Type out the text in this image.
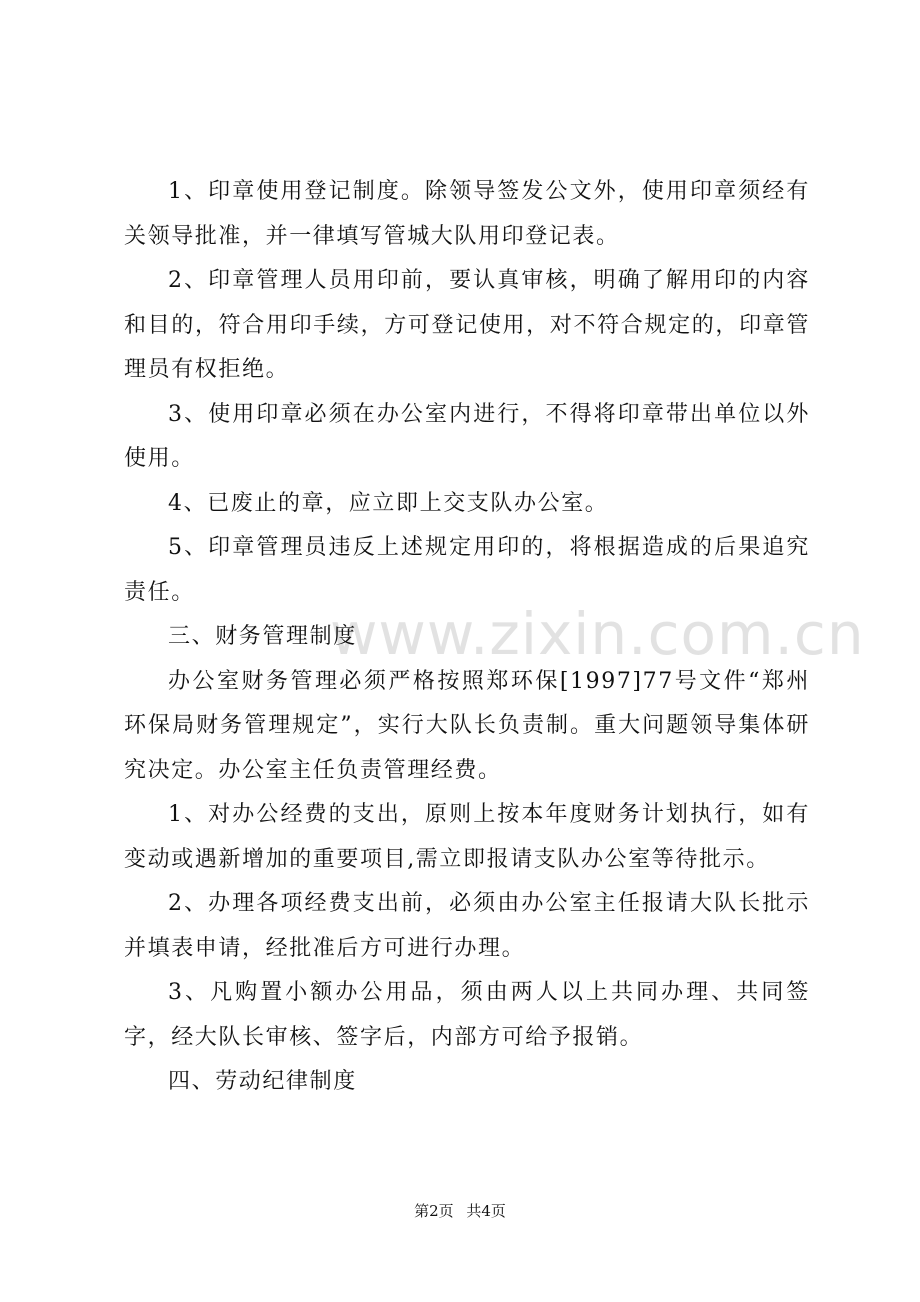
www.zixin.com.cn

1、印章使用登记制度。除领导签发公文外，使用印章须经有关领导批准，并一律填写管城大队用印登记表。

2、印章管理人员用印前，要认真审核，明确了解用印的内容和目的，符合用印手续，方可登记使用，对不符合规定的，印章管理员有权拒绝。

3、使用印章必须在办公室内进行，不得将印章带出单位以外使用。

4、已废止的章，应立即上交支队办公室。

5、印章管理员违反上述规定用印的，将根据造成的后果追究责任。

三、财务管理制度

办公室财务管理必须严格按照郑环保[1997]77号文件“郑州环保局财务管理规定”，实行大队长负责制。重大问题领导集体研究决定。办公室主任负责管理经费。

1、对办公经费的支出，原则上按本年度财务计划执行，如有变动或遇新增加的重要项目,需立即报请支队办公室等待批示。

2、办理各项经费支出前，必须由办公室主任报请大队长批示并填表申请，经批准后方可进行办理。

3、凡购置小额办公用品，须由两人以上共同办理、共同签字，经大队长审核、签字后，内部方可给予报销。

四、劳动纪律制度

第2页 共4页
